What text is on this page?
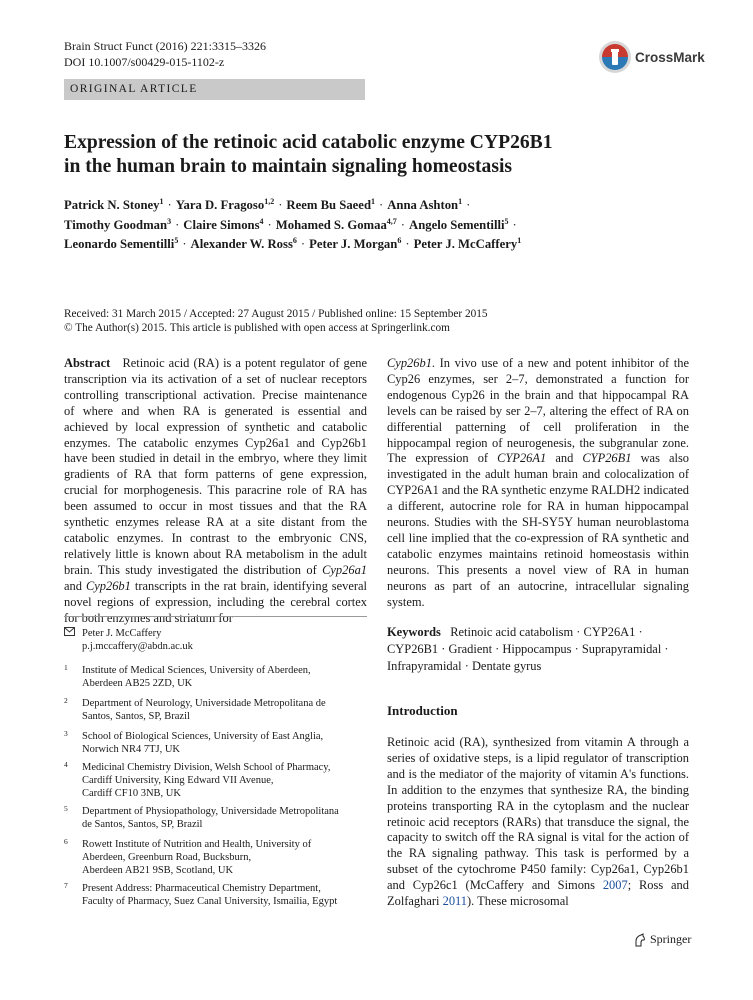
Brain Struct Funct (2016) 221:3315–3326
DOI 10.1007/s00429-015-1102-z
ORIGINAL ARTICLE
CrossMark
Expression of the retinoic acid catabolic enzyme CYP26B1
in the human brain to maintain signaling homeostasis
Patrick N. Stoney$^1$ · Yara D. Fragoso$^{1,2}$ · Reem Bu Saeed$^1$ · Anna Ashton$^1$ ·
Timothy Goodman$^3$ · Claire Simons$^4$ · Mohamed S. Gomaa$^{4,7}$ · Angelo Sementilli$^5$ ·
Leonardo Sementilli$^5$ · Alexander W. Ross$^6$ · Peter J. Morgan$^6$ · Peter J. McCaffery$^1$
Received: 31 March 2015 / Accepted: 27 August 2015 / Published online: 15 September 2015
© The Author(s) 2015. This article is published with open access at Springerlink.com

Abstract Retinoic acid (RA) is a potent regulator of gene transcription via its activation of a set of nuclear receptors controlling transcriptional activation. Precise maintenance of where and when RA is generated is essential and achieved by local expression of synthetic and catabolic enzymes. The catabolic enzymes Cyp26a1 and Cyp26b1 have been studied in detail in the embryo, where they limit gradients of RA that form patterns of gene expression, crucial for morphogenesis. This paracrine role of RA has been assumed to occur in most tissues and that the RA synthetic enzymes release RA at a site distant from the catabolic enzymes. In contrast to the embryonic CNS, relatively little is known about RA metabolism in the adult brain. This study investigated the distribution of Cyp26a1 and Cyp26b1 transcripts in the rat brain, identifying several novel regions of expression, including the cerebral cortex for both enzymes and striatum for

Cyp26b1. In vivo use of a new and potent inhibitor of the Cyp26 enzymes, ser 2–7, demonstrated a function for endogenous Cyp26 in the brain and that hippocampal RA levels can be raised by ser 2–7, altering the effect of RA on differential patterning of cell proliferation in the hippocampal region of neurogenesis, the subgranular zone. The expression of CYP26A1 and CYP26B1 was also investigated in the adult human brain and colocalization of CYP26A1 and the RA synthetic enzyme RALDH2 indicated a different, autocrine role for RA in human hippocampal neurons. Studies with the SH-SY5Y human neuroblastoma cell line implied that the co-expression of RA synthetic and catabolic enzymes maintains retinoid homeostasis within neurons. This presents a novel view of RA in human neurons as part of an autocrine, intracellular signaling system.

Keywords Retinoic acid catabolism · CYP26A1 · CYP26B1 · Gradient · Hippocampus · Suprapyramidal · Infrapyramidal · Dentate gyrus
Introduction

Retinoic acid (RA), synthesized from vitamin A through a series of oxidative steps, is a lipid regulator of transcription and is the mediator of the majority of vitamin A's functions. In addition to the enzymes that synthesize RA, the binding proteins transporting RA in the cytoplasm and the nuclear retinoic acid receptors (RARs) that transduce the signal, the capacity to switch off the RA signal is vital for the action of the RA signaling pathway. This task is performed by a subset of the cytochrome P450 family: Cyp26a1, Cyp26b1 and Cyp26c1 (McCaffery and Simons 2007; Ross and Zolfaghari 2011). These microsomal

Peter J. McCaffery
p.j.mccaffery@abdn.ac.uk
1 Institute of Medical Sciences, University of Aberdeen,
Aberdeen AB25 2ZD, UK
2 Department of Neurology, Universidade Metropolitana de
Santos, Santos, SP, Brazil
3 School of Biological Sciences, University of East Anglia,
Norwich NR4 7TJ, UK
4 Medicinal Chemistry Division, Welsh School of Pharmacy,
Cardiff University, King Edward VII Avenue,
Cardiff CF10 3NB, UK
5 Department of Physiopathology, Universidade Metropolitana
de Santos, Santos, SP, Brazil
6 Rowett Institute of Nutrition and Health, University of
Aberdeen, Greenburn Road, Bucksburn,
Aberdeen AB21 9SB, Scotland, UK
7 Present Address: Pharmaceutical Chemistry Department,
Faculty of Pharmacy, Suez Canal University, Ismailia, Egypt
Springer
